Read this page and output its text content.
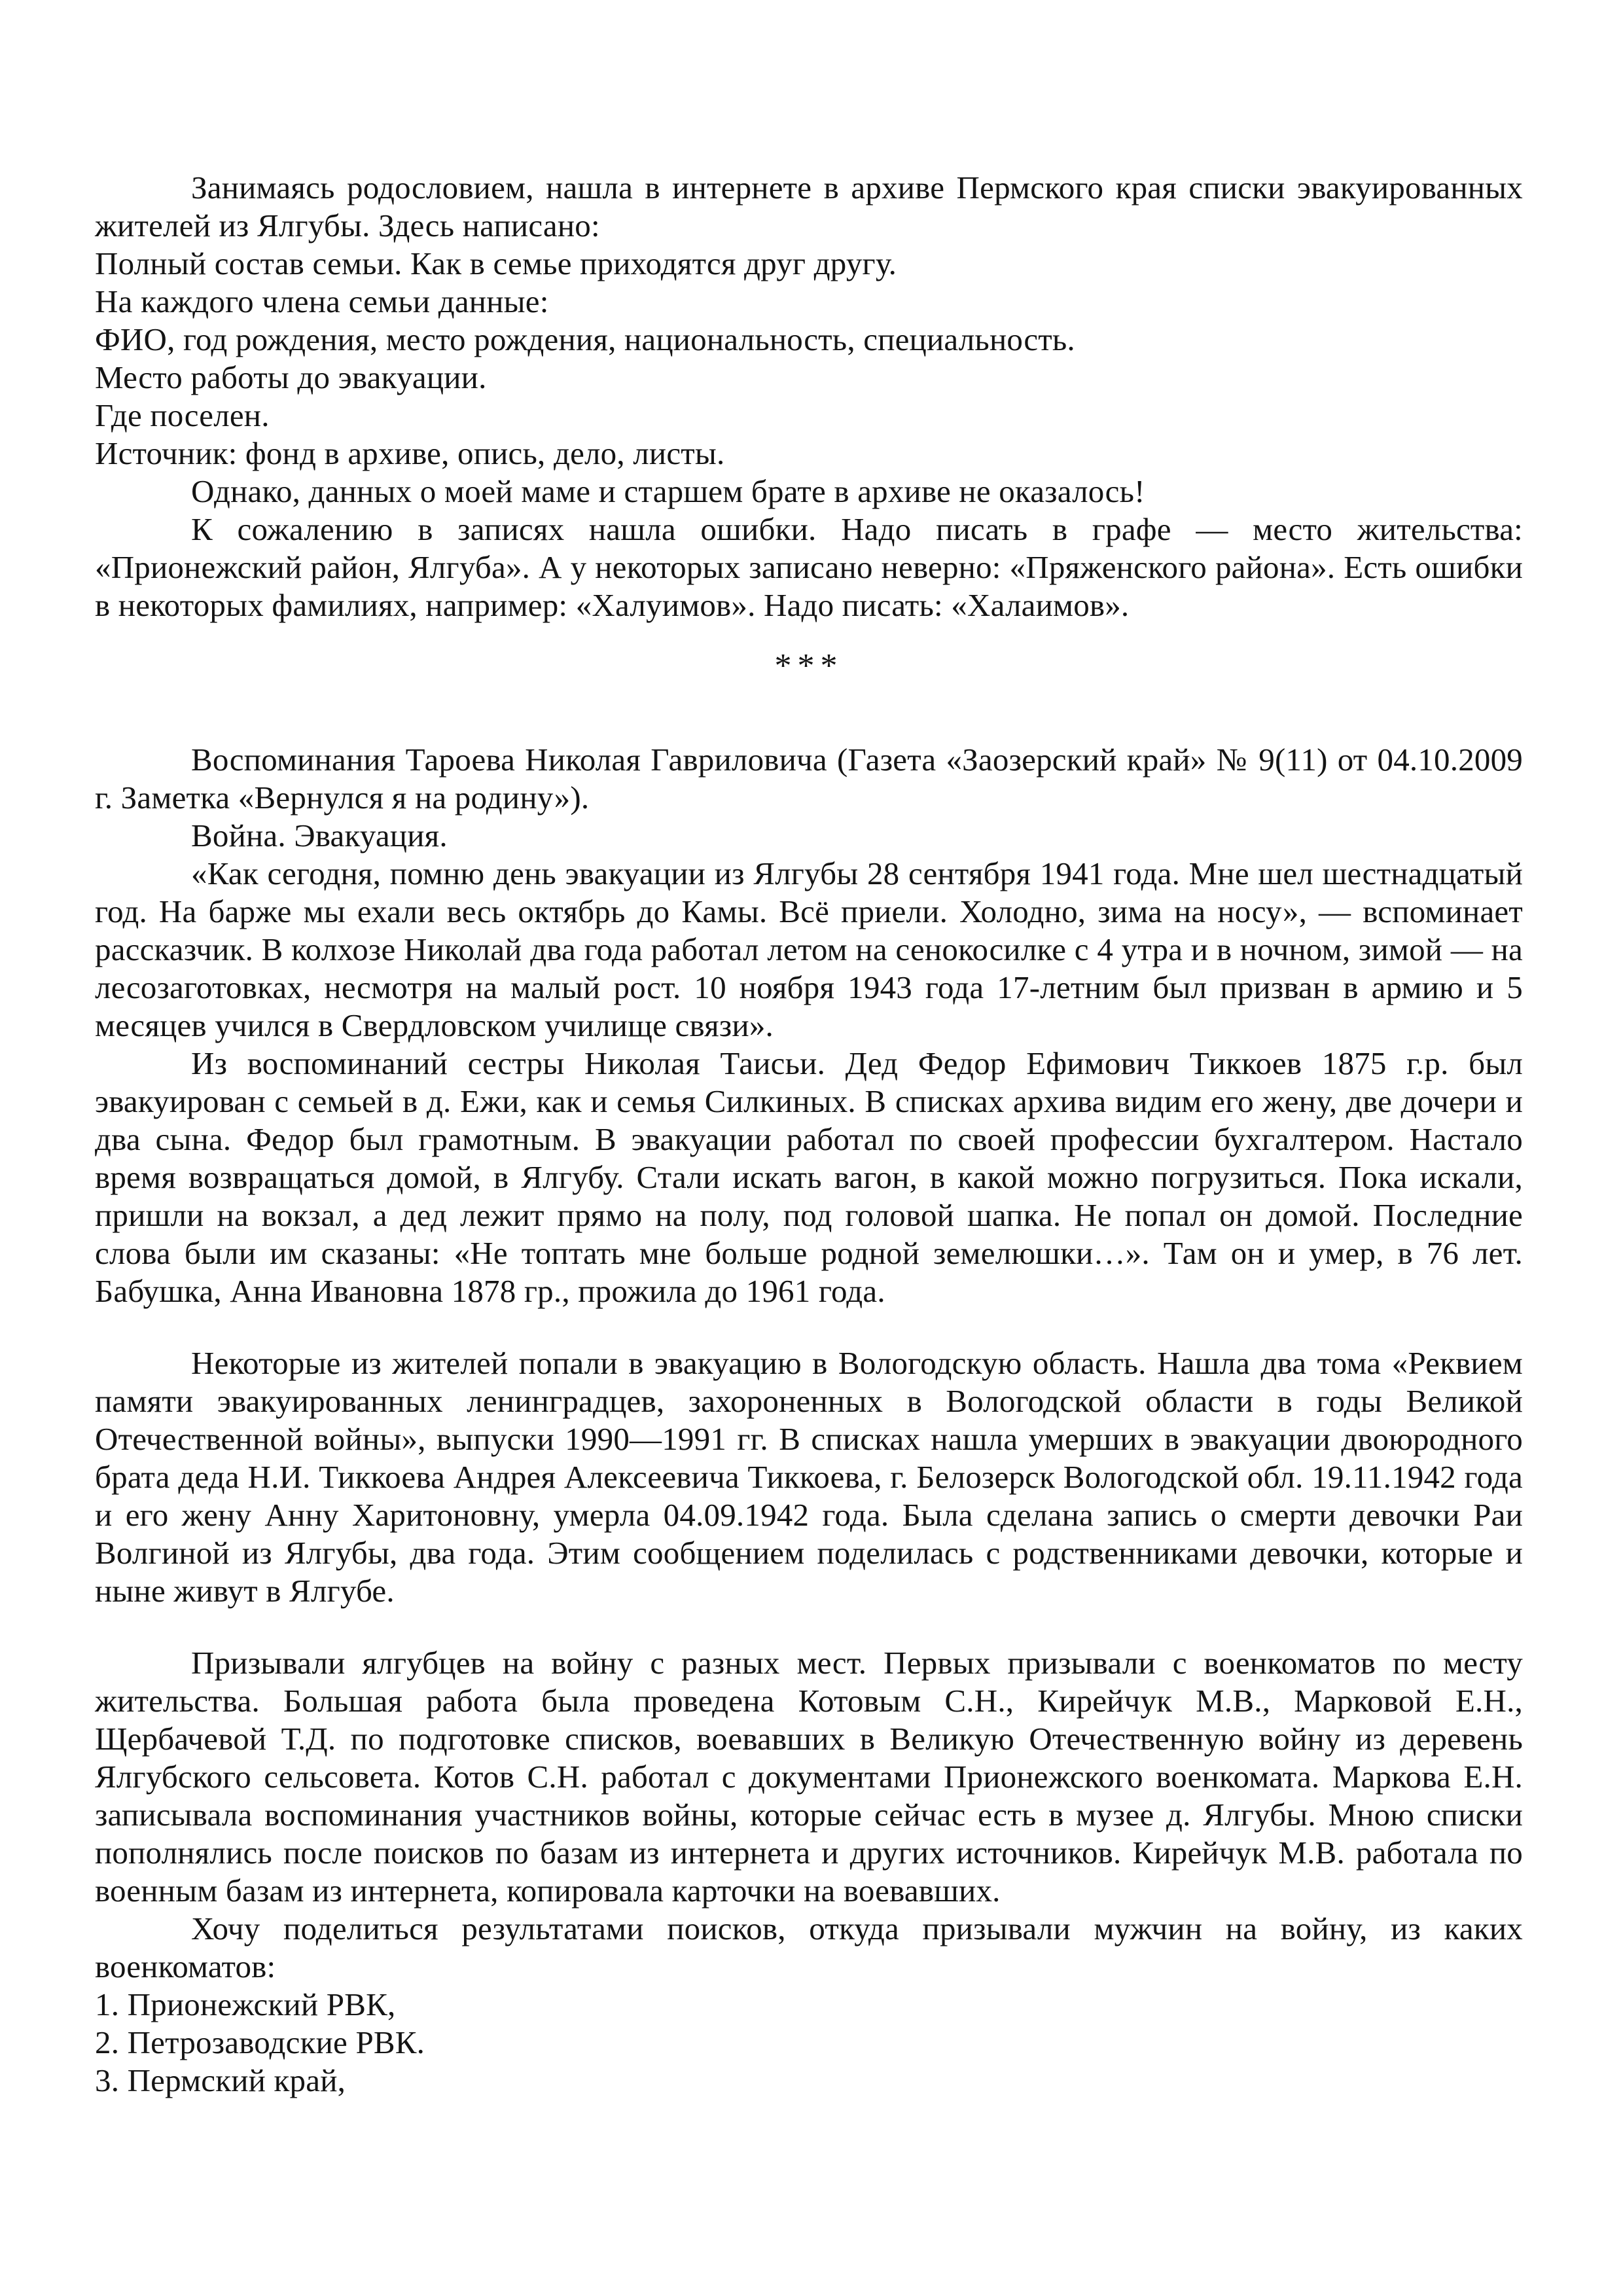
Занимаясь родословием, нашла в интернете в архиве Пермского края списки эвакуированных жителей из Ялгубы. Здесь написано:

Полный состав семьи. Как в семье приходятся друг другу.

На каждого члена семьи данные:

ФИО, год рождения, место рождения, национальность, специальность.

Место работы до эвакуации.

Где поселен.

Источник: фонд в архиве, опись, дело, листы.

Однако, данных о моей маме и старшем брате в архиве не оказалось!

К сожалению в записях нашла ошибки. Надо писать в графе — место жительства: «Прионежский район, Ялгуба». А у некоторых записано неверно: «Пряженского района». Есть ошибки в некоторых фамилиях, например: «Халуимов». Надо писать: «Халаимов».

***

Воспоминания Тароева Николая Гавриловича (Газета «Заозерский край» № 9(11) от 04.10.2009 г. Заметка «Вернулся я на родину»).

Война. Эвакуация.

«Как сегодня, помню день эвакуации из Ялгубы 28 сентября 1941 года. Мне шел шестнадцатый год. На барже мы ехали весь октябрь до Камы. Всё приели. Холодно, зима на носу», — вспоминает рассказчик. В колхозе Николай два года работал летом на сенокосилке с 4 утра и в ночном, зимой — на лесозаготовках, несмотря на малый рост. 10 ноября 1943 года 17-летним был призван в армию и 5 месяцев учился в Свердловском училище связи».

Из воспоминаний сестры Николая Таисьи. Дед Федор Ефимович Тиккоев 1875 г.р. был эвакуирован с семьей в д. Ежи, как и семья Силкиных. В списках архива видим его жену, две дочери и два сына. Федор был грамотным. В эвакуации работал по своей профессии бухгалтером. Настало время возвращаться домой, в Ялгубу. Стали искать вагон, в какой можно погрузиться. Пока искали, пришли на вокзал, а дед лежит прямо на полу, под головой шапка. Не попал он домой. Последние слова были им сказаны: «Не топтать мне больше родной земелюшки…». Там он и умер, в 76 лет. Бабушка, Анна Ивановна 1878 гр., прожила до 1961 года.

Некоторые из жителей попали в эвакуацию в Вологодскую область. Нашла два тома «Реквием памяти эвакуированных ленинградцев, захороненных в Вологодской области в годы Великой Отечественной войны», выпуски 1990—1991 гг. В списках нашла умерших в эвакуации двоюродного брата деда Н.И. Тиккоева Андрея Алексеевича Тиккоева, г. Белозерск Вологодской обл. 19.11.1942 года и его жену Анну Харитоновну, умерла 04.09.1942 года. Была сделана запись о смерти девочки Раи Волгиной из Ялгубы, два года. Этим сообщением поделилась с родственниками девочки, которые и ныне живут в Ялгубе.

Призывали ялгубцев на войну с разных мест. Первых призывали с военкоматов по месту жительства. Большая работа была проведена Котовым С.Н., Кирейчук М.В., Марковой Е.Н., Щербачевой Т.Д. по подготовке списков, воевавших в Великую Отечественную войну из деревень Ялгубского сельсовета. Котов С.Н. работал с документами Прионежского военкомата. Маркова Е.Н. записывала воспоминания участников войны, которые сейчас есть в музее д. Ялгубы. Мною списки пополнялись после поисков по базам из интернета и других источников. Кирейчук М.В. работала по военным базам из интернета, копировала карточки на воевавших.

Хочу поделиться результатами поисков, откуда призывали мужчин на войну, из каких военкоматов:

1. Прионежский РВК,

2. Петрозаводские РВК.

3. Пермский край,
